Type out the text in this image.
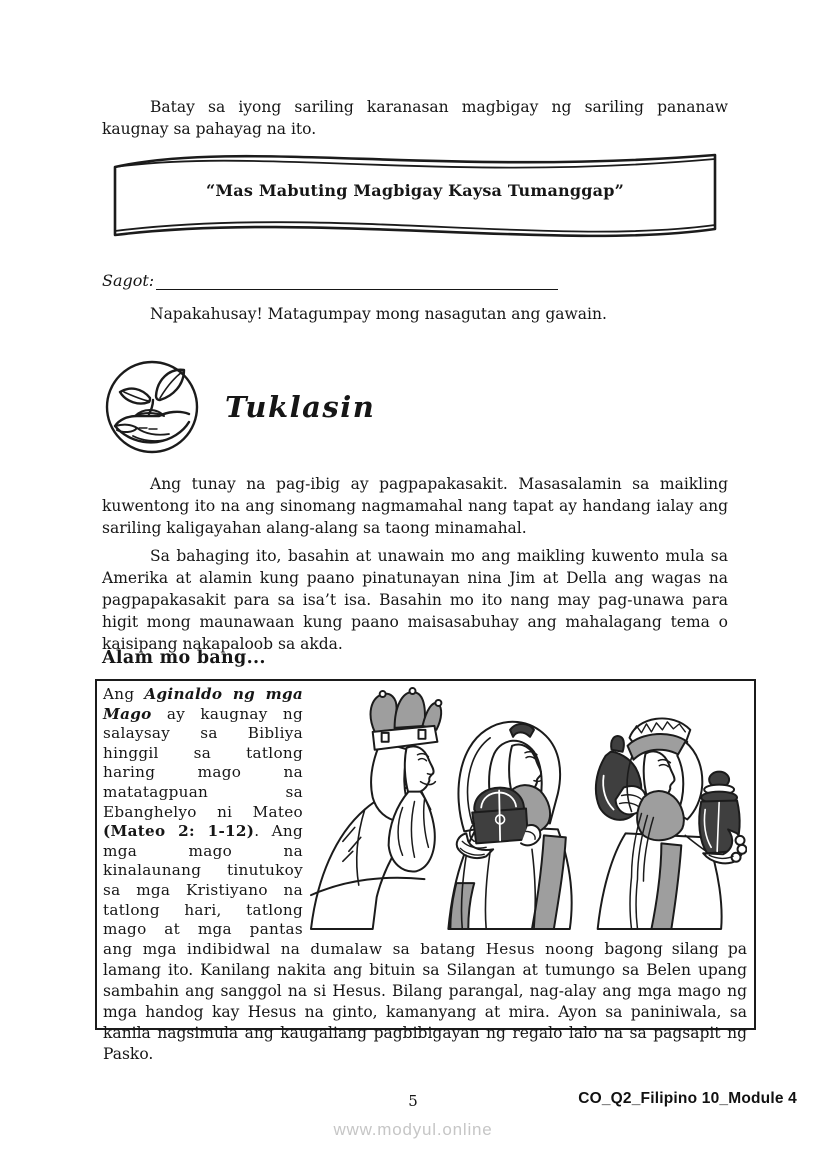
Batay sa iyong sariling karanasan magbigay ng sariling pananaw kaugnay sa pahayag na ito.

“Mas Mabuting Magbigay Kaysa Tumanggap”
Sagot:

Napakahusay! Matagumpay mong nasagutan ang gawain.

Tuklasin

Ang tunay na pag-ibig ay pagpapakasakit. Masasalamin sa maikling kuwentong ito na ang sinomang nagmamahal nang tapat ay handang ialay ang sariling kaligayahan alang-alang sa taong minamahal.

Sa bahaging ito, basahin at unawain mo ang maikling kuwento mula sa Amerika at alamin kung paano pinatunayan nina Jim at Della ang wagas na pagpapakasakit para sa isa’t isa. Basahin mo ito nang may pag-unawa para higit mong maunawaan kung paano maisasabuhay ang mahalagang tema o kaisipang nakapaloob sa akda.

Alam mo bang...

Ang Aginaldo ng mga Mago ay kaugnay ng salaysay sa Bibliya hinggil sa tatlong haring mago na matatagpuan sa Ebanghelyo ni Mateo (Mateo 2: 1-12). Ang mga mago na kinalaunang tinutukoy sa mga Kristiyano na tatlong hari, tatlong mago at mga pantas ang mga indibidwal na dumalaw sa batang Hesus noong bagong silang pa lamang ito. Kanilang nakita ang bituin sa Silangan at tumungo sa Belen upang sambahin ang sanggol na si Hesus. Bilang parangal, nag-alay ang mga mago ng mga handog kay Hesus na ginto, kamanyang at mira. Ayon sa paniniwala, sa kanila nagsimula ang kaugaliang pagbibigayan ng regalo lalo na sa pagsapit ng Pasko.

5	CO_Q2_Filipino 10_Module 4
www.modyul.online
